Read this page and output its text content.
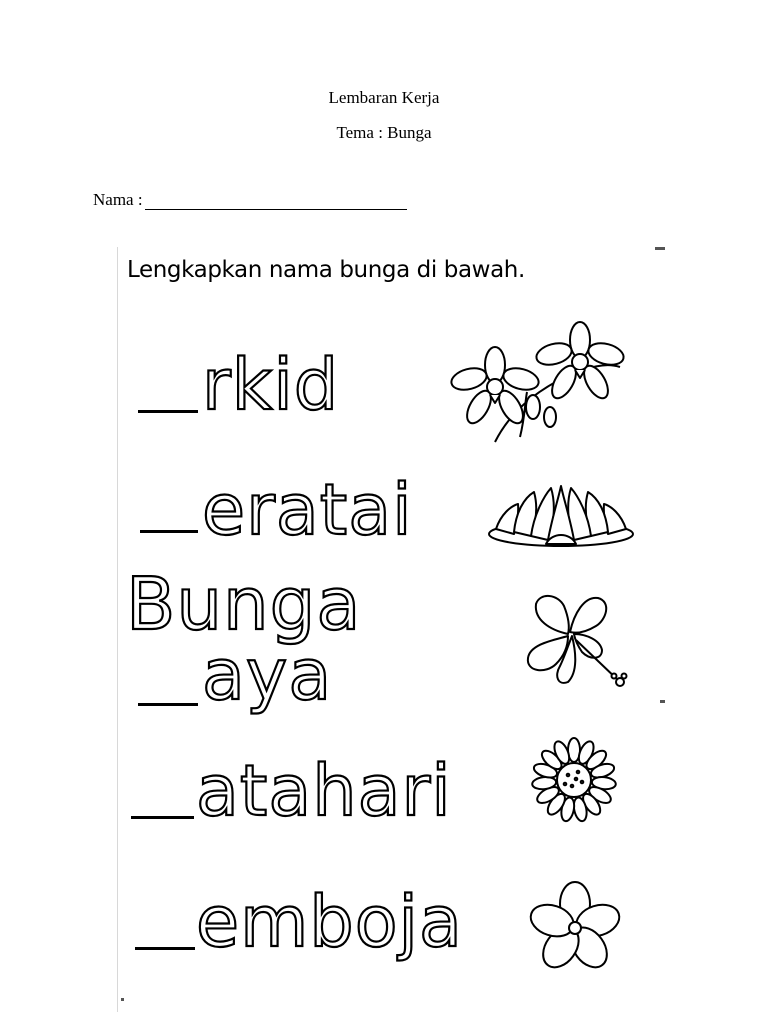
Lembaran Kerja
Tema : Bunga
Nama :
Lengkapkan nama bunga di bawah.
rkid
eratai
Bunga
aya
atahari
emboja
